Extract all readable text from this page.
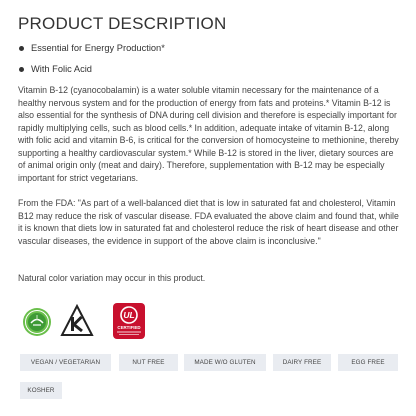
PRODUCT DESCRIPTION
Essential for Energy Production*
With Folic Acid

Vitamin B-12 (cyanocobalamin) is a water soluble vitamin necessary for the maintenance of a healthy nervous system and for the production of energy from fats and proteins.* Vitamin B-12 is also essential for the synthesis of DNA during cell division and therefore is especially important for rapidly multiplying cells, such as blood cells.* In addition, adequate intake of vitamin B-12, along with folic acid and vitamin B-6, is critical for the conversion of homocysteine to methionine, thereby supporting a healthy cardiovascular system.* While B-12 is stored in the liver, dietary sources are of animal origin only (meat and dairy). Therefore, supplementation with B-12 may be especially important for strict vegetarians.

From the FDA: "As part of a well-balanced diet that is low in saturated fat and cholesterol, Vitamin B12 may reduce the risk of vascular disease. FDA evaluated the above claim and found that, while it is known that diets low in saturated fat and cholesterol reduce the risk of heart disease and other vascular diseases, the evidence in support of the above claim is inconclusive."

Natural color variation may occur in this product.

UL
CERTIFIED
VEGAN / VEGETARIAN	NUT FREE	MADE W/O GLUTEN	DAIRY FREE	EGG FREE
KOSHER
